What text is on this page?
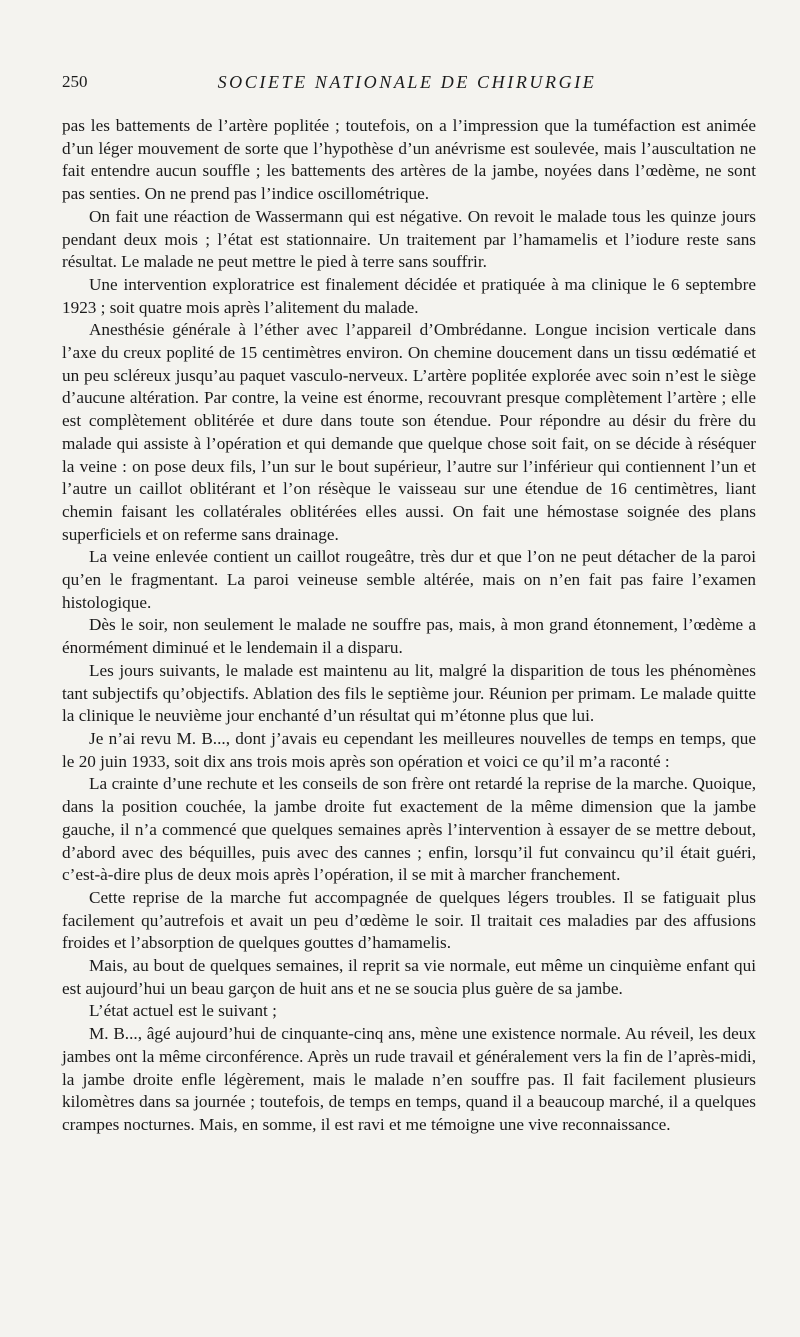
250	SOCIETE NATIONALE DE CHIRURGIE

pas les battements de l’artère poplitée ; toutefois, on a l’impression que la tuméfaction est animée d’un léger mouvement de sorte que l’hypothèse d’un anévrisme est soulevée, mais l’auscultation ne fait entendre aucun souffle ; les battements des artères de la jambe, noyées dans l’œdème, ne sont pas senties. On ne prend pas l’indice oscillométrique.

On fait une réaction de Wassermann qui est négative. On revoit le malade tous les quinze jours pendant deux mois ; l’état est stationnaire. Un traitement par l’hamamelis et l’iodure reste sans résultat. Le malade ne peut mettre le pied à terre sans souffrir.

Une intervention exploratrice est finalement décidée et pratiquée à ma clinique le 6 septembre 1923 ; soit quatre mois après l’alitement du malade.

Anesthésie générale à l’éther avec l’appareil d’Ombrédanne. Longue incision verticale dans l’axe du creux poplité de 15 centimètres environ. On chemine doucement dans un tissu œdématié et un peu scléreux jusqu’au paquet vasculo-nerveux. L’artère poplitée explorée avec soin n’est le siège d’aucune altération. Par contre, la veine est énorme, recouvrant presque complètement l’artère ; elle est complètement oblitérée et dure dans toute son étendue. Pour répondre au désir du frère du malade qui assiste à l’opération et qui demande que quelque chose soit fait, on se décide à réséquer la veine : on pose deux fils, l’un sur le bout supérieur, l’autre sur l’inférieur qui contiennent l’un et l’autre un caillot oblitérant et l’on résèque le vaisseau sur une étendue de 16 centimètres, liant chemin faisant les collatérales oblitérées elles aussi. On fait une hémostase soignée des plans superficiels et on referme sans drainage.

La veine enlevée contient un caillot rougeâtre, très dur et que l’on ne peut détacher de la paroi qu’en le fragmentant. La paroi veineuse semble altérée, mais on n’en fait pas faire l’examen histologique.

Dès le soir, non seulement le malade ne souffre pas, mais, à mon grand étonnement, l’œdème a énormément diminué et le lendemain il a disparu.

Les jours suivants, le malade est maintenu au lit, malgré la disparition de tous les phénomènes tant subjectifs qu’objectifs. Ablation des fils le septième jour. Réunion per primam. Le malade quitte la clinique le neuvième jour enchanté d’un résultat qui m’étonne plus que lui.

Je n’ai revu M. B..., dont j’avais eu cependant les meilleures nouvelles de temps en temps, que le 20 juin 1933, soit dix ans trois mois après son opération et voici ce qu’il m’a raconté :

La crainte d’une rechute et les conseils de son frère ont retardé la reprise de la marche. Quoique, dans la position couchée, la jambe droite fut exactement de la même dimension que la jambe gauche, il n’a commencé que quelques semaines après l’intervention à essayer de se mettre debout, d’abord avec des béquilles, puis avec des cannes ; enfin, lorsqu’il fut convaincu qu’il était guéri, c’est-à-dire plus de deux mois après l’opération, il se mit à marcher franchement.

Cette reprise de la marche fut accompagnée de quelques légers troubles. Il se fatiguait plus facilement qu’autrefois et avait un peu d’œdème le soir. Il traitait ces maladies par des affusions froides et l’absorption de quelques gouttes d’hamamelis.

Mais, au bout de quelques semaines, il reprit sa vie normale, eut même un cinquième enfant qui est aujourd’hui un beau garçon de huit ans et ne se soucia plus guère de sa jambe.

L’état actuel est le suivant ;

M. B..., âgé aujourd’hui de cinquante-cinq ans, mène une existence normale. Au réveil, les deux jambes ont la même circonférence. Après un rude travail et généralement vers la fin de l’après-midi, la jambe droite enfle légèrement, mais le malade n’en souffre pas. Il fait facilement plusieurs kilomètres dans sa journée ; toutefois, de temps en temps, quand il a beaucoup marché, il a quelques crampes nocturnes. Mais, en somme, il est ravi et me témoigne une vive reconnaissance.
